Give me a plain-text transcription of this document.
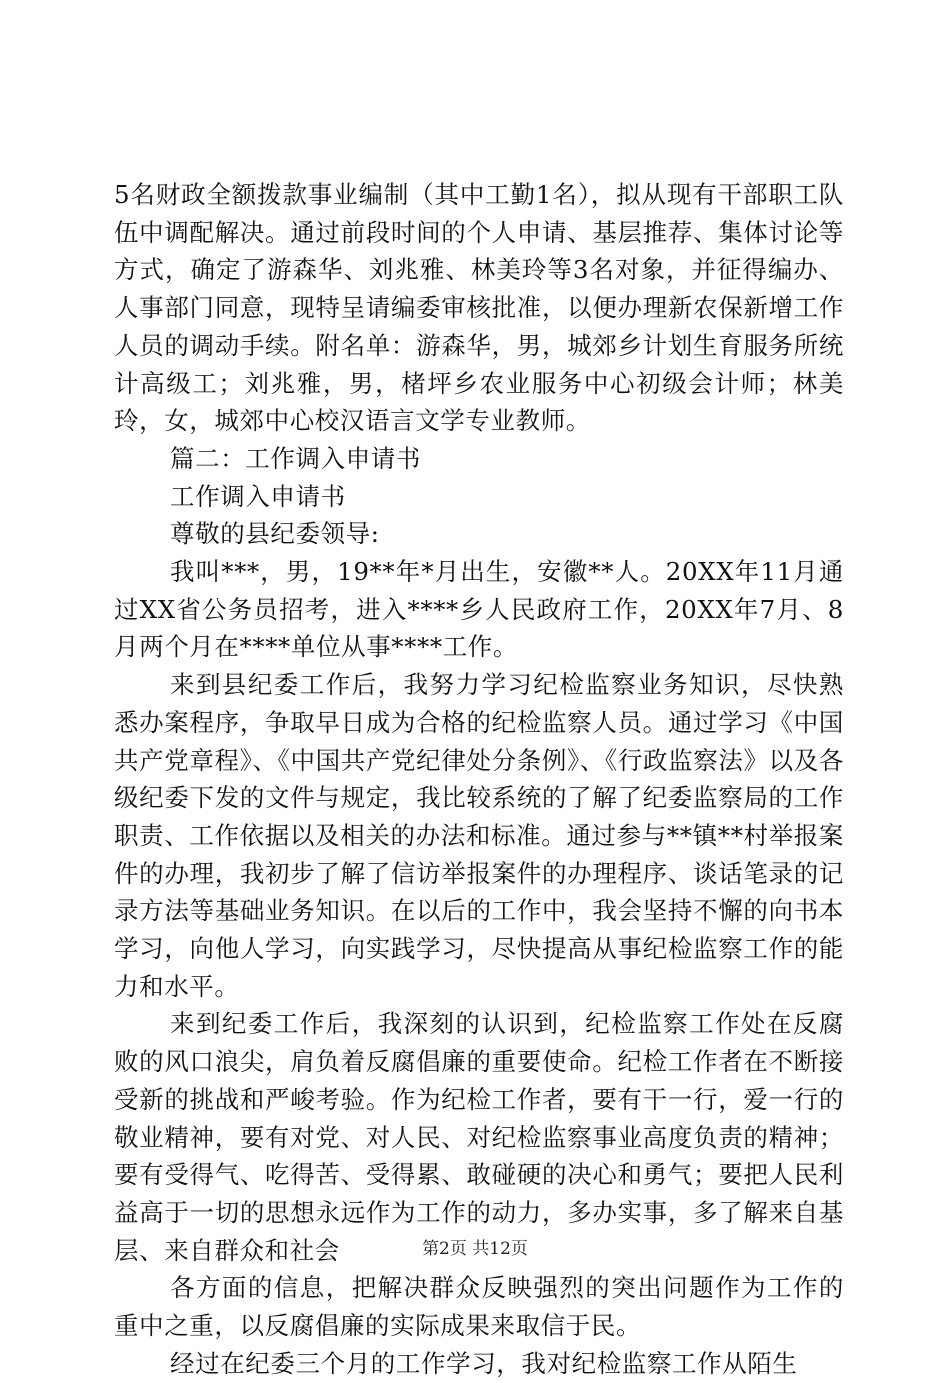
5名财政全额拨款事业编制（其中工勤1名），拟从现有干部职工队伍中调配解决。通过前段时间的个人申请、基层推荐、集体讨论等方式，确定了游森华、刘兆雅、林美玲等3名对象，并征得编办、人事部门同意，现特呈请编委审核批准，以便办理新农保新增工作人员的调动手续。附名单：游森华，男，城郊乡计划生育服务所统计高级工；刘兆雅，男，楮坪乡农业服务中心初级会计师；林美玲，女，城郊中心校汉语言文学专业教师。

篇二：工作调入申请书

工作调入申请书

尊敬的县纪委领导:

我叫***，男，19**年*月出生，安徽**人。20XX年11月通过XX省公务员招考，进入****乡人民政府工作，20XX年7月、8月两个月在****单位从事****工作。

来到县纪委工作后，我努力学习纪检监察业务知识，尽快熟悉办案程序，争取早日成为合格的纪检监察人员。通过学习《中国共产党章程》、《中国共产党纪律处分条例》、《行政监察法》以及各级纪委下发的文件与规定，我比较系统的了解了纪委监察局的工作职责、工作依据以及相关的办法和标准。通过参与**镇**村举报案件的办理，我初步了解了信访举报案件的办理程序、谈话笔录的记录方法等基础业务知识。在以后的工作中，我会坚持不懈的向书本学习，向他人学习，向实践学习，尽快提高从事纪检监察工作的能力和水平。

来到纪委工作后，我深刻的认识到，纪检监察工作处在反腐败的风口浪尖，肩负着反腐倡廉的重要使命。纪检工作者在不断接受新的挑战和严峻考验。作为纪检工作者，要有干一行，爱一行的敬业精神，要有对党、对人民、对纪检监察事业高度负责的精神；要有受得气、吃得苦、受得累、敢碰硬的决心和勇气；要把人民利益高于一切的思想永远作为工作的动力，多办实事，多了解来自基层、来自群众和社会

各方面的信息，把解决群众反映强烈的突出问题作为工作的重中之重，以反腐倡廉的实际成果来取信于民。

经过在纪委三个月的工作学习，我对纪检监察工作从陌生

第2页 共12页
